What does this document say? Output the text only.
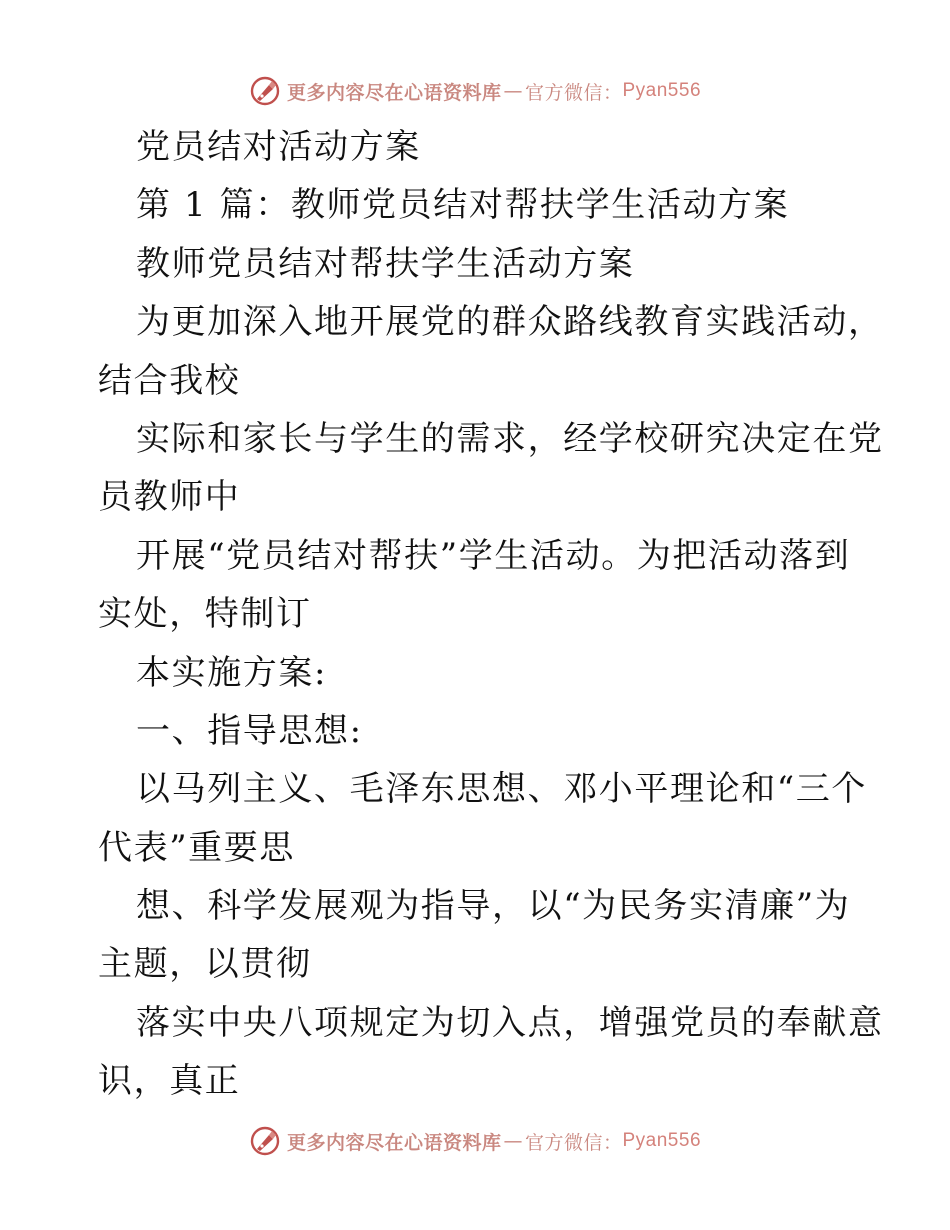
更多内容尽在心语资料库 — 官方微信： Pyan556
党员结对活动方案
第 1 篇：教师党员结对帮扶学生活动方案
教师党员结对帮扶学生活动方案
为更加深入地开展党的群众路线教育实践活动，
结合我校
实际和家长与学生的需求，经学校研究决定在党
员教师中
开展“党员结对帮扶”学生活动。为把活动落到
实处，特制订
本实施方案:
一、指导思想:
以马列主义、毛泽东思想、邓小平理论和“三个
代表”重要思
想、科学发展观为指导，以“为民务实清廉”为
主题，以贯彻
落实中央八项规定为切入点，增强党员的奉献意
识，真正
更多内容尽在心语资料库 — 官方微信： Pyan556
